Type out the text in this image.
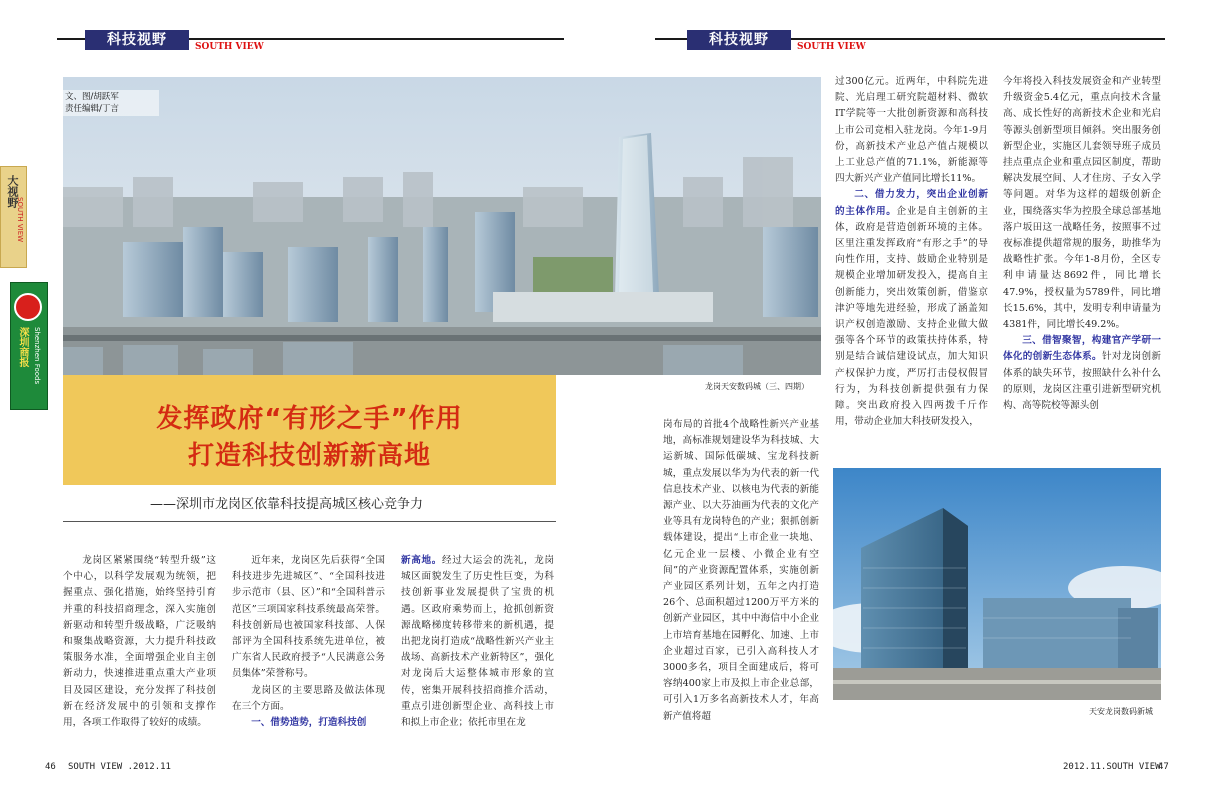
科技视野	SOUTH VIEW	科技视野	SOUTH VIEW
大视野
SOUTH VIEW
深圳商报 Shenzhen Foods
文、图/胡跃军
责任编辑/丁言
龙岗天安数码城（三、四期）
发挥政府“有形之手”作用
打造科技创新新高地
——深圳市龙岗区依靠科技提高城区核心竞争力

龙岗区紧紧围绕“转型升级”这个中心，以科学发展观为统领，把握重点、强化措施，始终坚持引育并重的科技招商理念，深入实施创新驱动和转型升级战略，广泛吸纳和聚集战略资源，大力提升科技政策服务水准，全面增强企业自主创新动力，快速推进重点重大产业项目及园区建设，充分发挥了科技创新在经济发展中的引领和支撑作用，各项工作取得了较好的成绩。

近年来，龙岗区先后获得“全国科技进步先进城区”、“全国科技进步示范市（县、区）”和“全国科普示范区”三项国家科技系统最高荣誉。科技创新局也被国家科技部、人保部评为全国科技系统先进单位，被广东省人民政府授予“人民满意公务员集体”荣誉称号。

龙岗区的主要思路及做法体现在三个方面。

一、借势造势，打造科技创

新高地。经过大运会的洗礼，龙岗城区面貌发生了历史性巨变，为科技创新事业发展提供了宝贵的机遇。区政府乘势而上，抢抓创新资源战略梯度转移带来的新机遇，提出把龙岗打造成“战略性新兴产业主战场、高新技术产业新特区”，强化对龙岗后大运整体城市形象的宣传，密集开展科技招商推介活动，重点引进创新型企业、高科技上市和拟上市企业；依托市里在龙

过300亿元。近两年，中科院先进院、光启理工研究院超材料、微软IT学院等一大批创新资源和高科技上市公司竞相入驻龙岗。今年1-9月份，高新技术产业总产值占规模以上工业总产值的71.1%，新能源等四大新兴产业产值同比增长11%。

二、借力发力，突出企业创新的主体作用。企业是自主创新的主体，政府是营造创新环境的主体。区里注重发挥政府“有形之手”的导向性作用，支持、鼓励企业特别是规模企业增加研发投入，提高自主创新能力，突出效策创新，借鉴京津沪等地先进经验，形成了涵盖知识产权创造激励、支持企业做大做强等各个环节的政策扶持体系，特别是结合诚信建设试点，加大知识产权保护力度，严厉打击侵权假冒行为，为科技创新提供强有力保障。突出政府投入四两拨千斤作用，带动企业加大科技研发投入，

今年将投入科技发展资金和产业转型升级资金5.4亿元，重点向技术含量高、成长性好的高新技术企业和光启等源头创新型项目倾斜。突出服务创新型企业，实施区儿套领导班子成员挂点重点企业和重点园区制度，帮助解决发展空间、人才住房、子女入学等问题。对华为这样的超级创新企业，围绕落实华为控股全球总部基地落户坂田这一战略任务，按照事不过夜标准提供超常规的服务，助推华为战略性扩张。今年1-8月份，全区专利申请量达8692件，同比增长47.9%，授权量为5789件，同比增长15.6%，其中，发明专利申请量为4381件，同比增长49.2%。

三、借智聚智，构建官产学研一体化的创新生态体系。针对龙岗创新体系的缺失环节，按照缺什么补什么的原则，龙岗区注重引进新型研究机构、高等院校等源头创

岗布局的首批4个战略性新兴产业基地，高标准规划建设华为科技城、大运新城、国际低碳城、宝龙科技新城，重点发展以华为为代表的新一代信息技术产业、以核电为代表的新能源产业、以大芬油画为代表的文化产业等具有龙岗特色的产业；狠抓创新载体建设，提出“上市企业一块地、亿元企业一层楼、小微企业有空间”的产业资源配置体系，实施创新产业园区系列计划，五年之内打造26个、总面积超过1200万平方米的创新产业园区，其中中海信中小企业上市培育基地在园孵化、加速、上市企业超过百家，已引入高科技人才3000多名，项目全面建成后，将可容纳400家上市及拟上市企业总部，可引入1万多名高新技术人才，年高新产值将超	天安龙岗数码新城
46 SOUTH VIEW .2012.11	2012.11.SOUTH VIEW
47
